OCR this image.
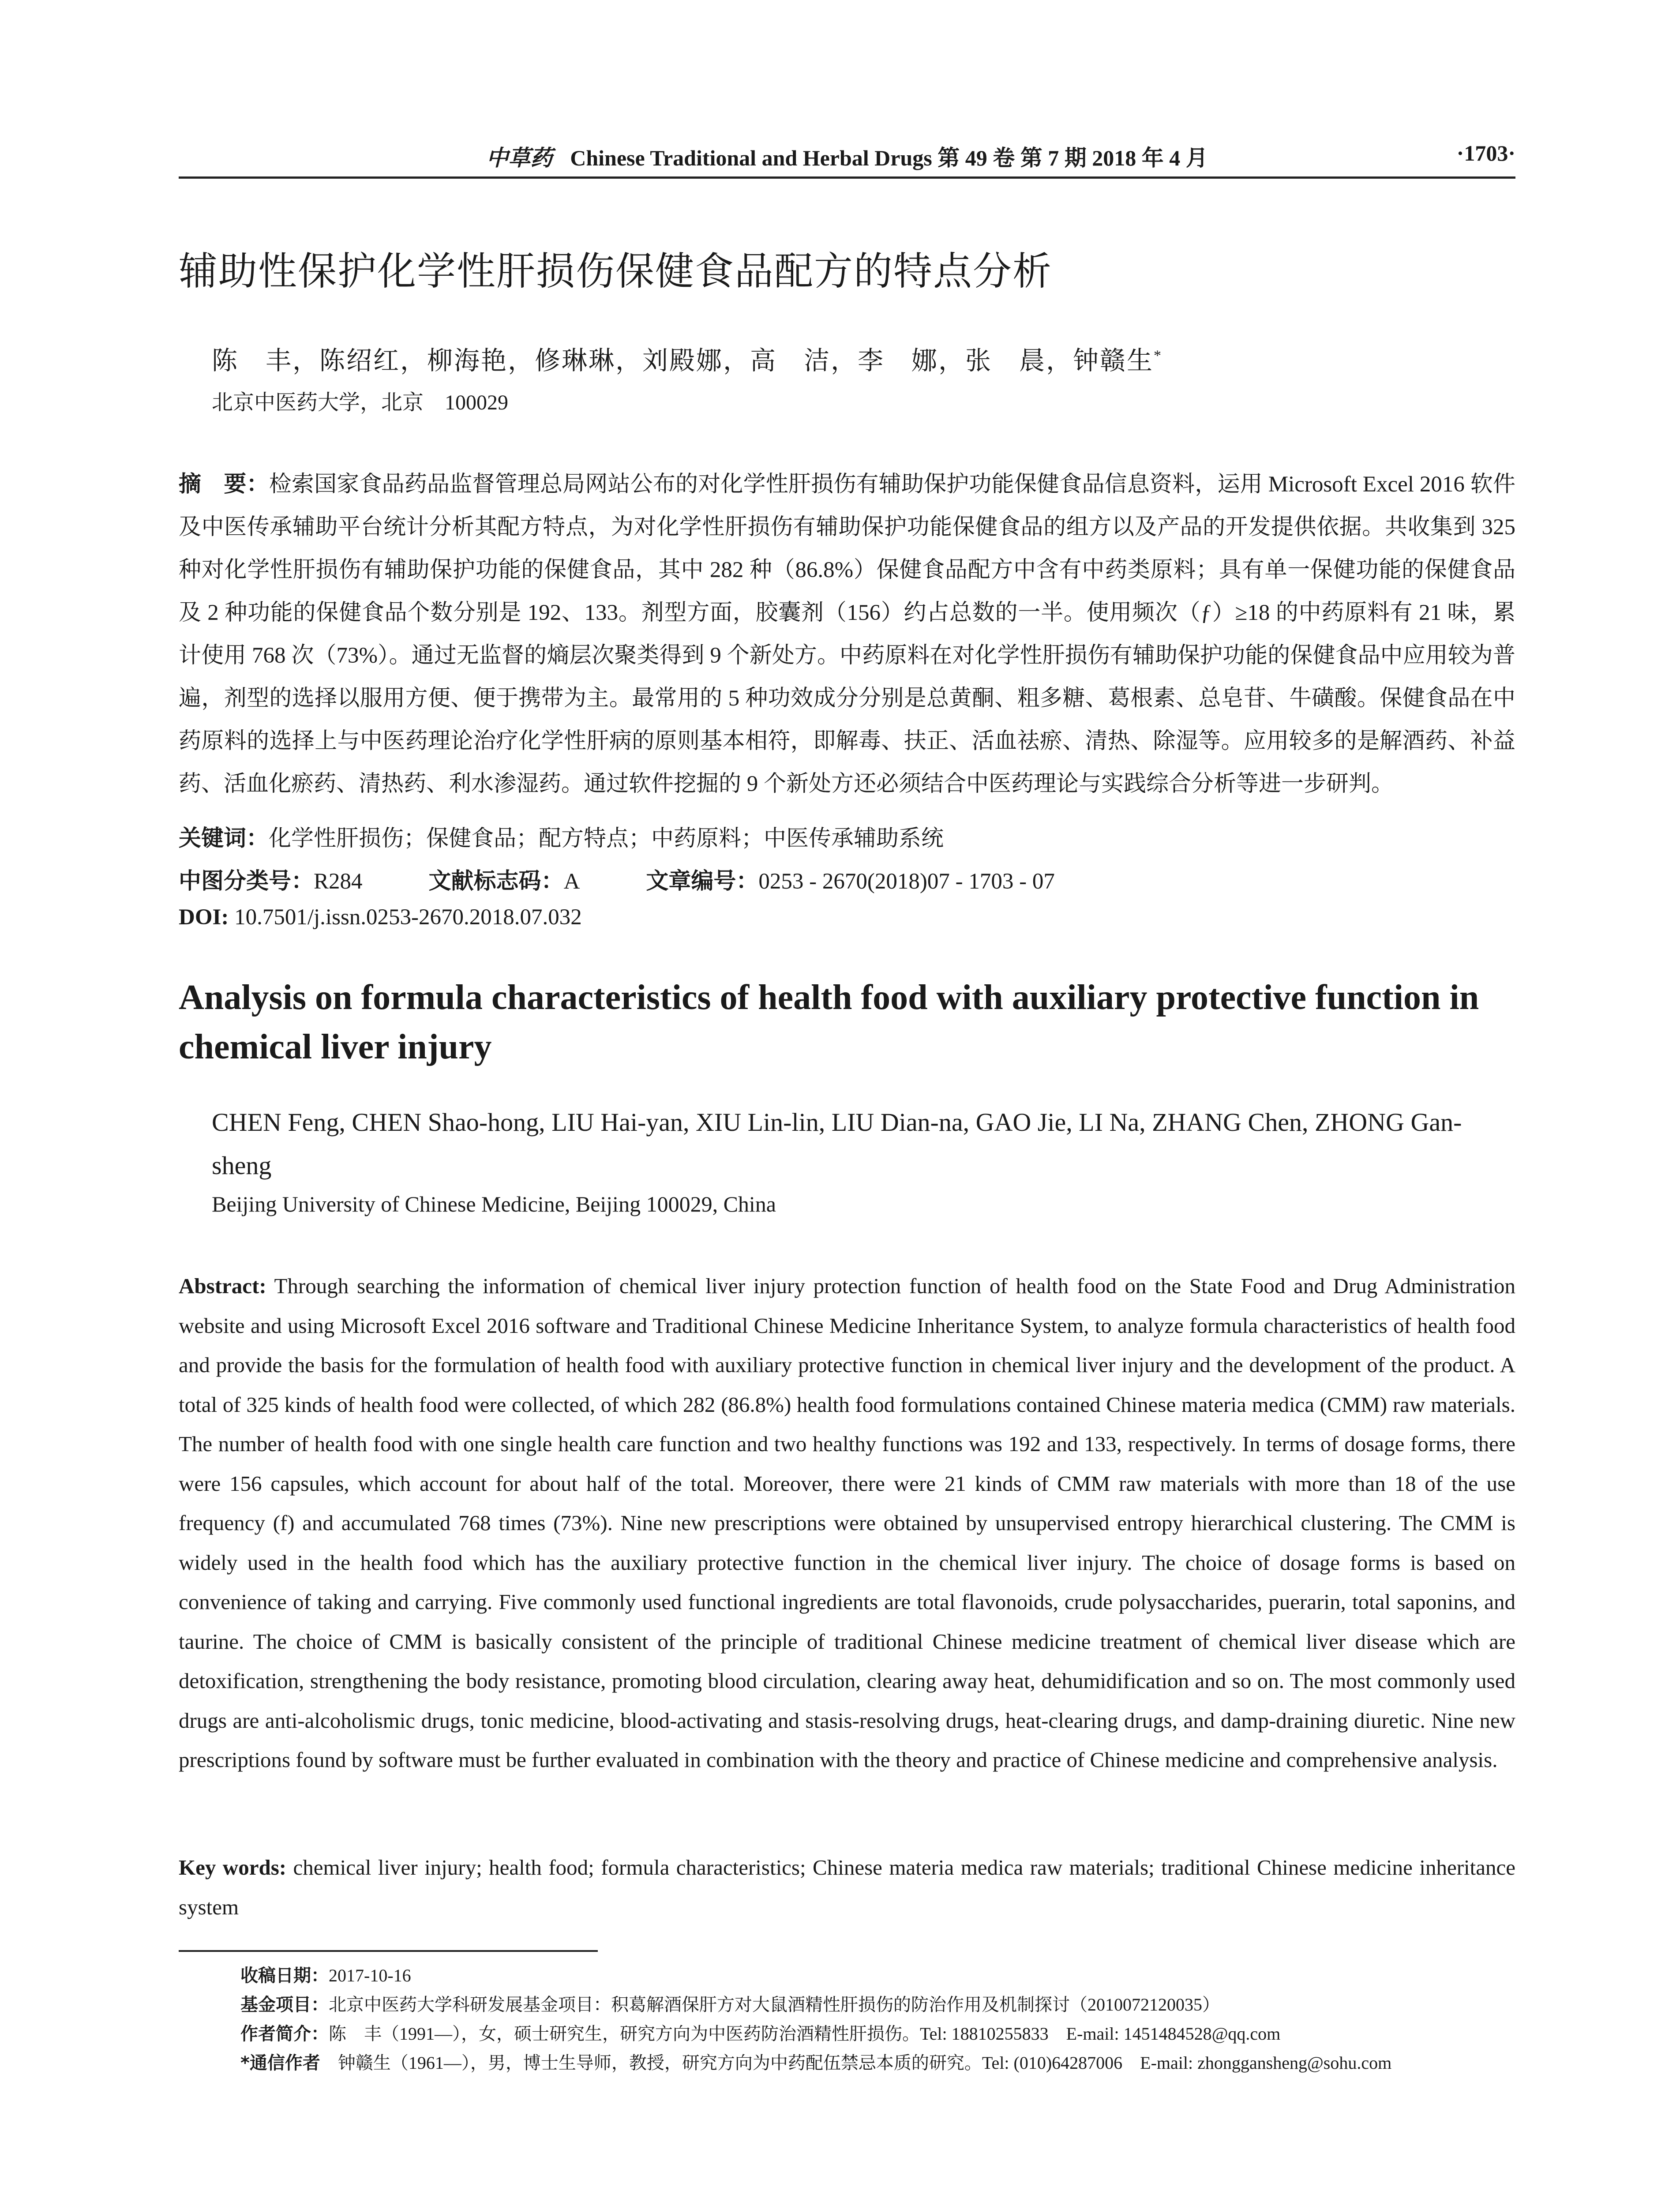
中草药 Chinese Traditional and Herbal Drugs 第 49 卷 第 7 期 2018 年 4 月	·1703·
辅助性保护化学性肝损伤保健食品配方的特点分析
陈　丰，陈绍红，柳海艳，修琳琳，刘殿娜，高　洁，李　娜，张　晨，钟赣生*
北京中医药大学，北京　100029
摘　要：检索国家食品药品监督管理总局网站公布的对化学性肝损伤有辅助保护功能保健食品信息资料，运用 Microsoft Excel 2016 软件及中医传承辅助平台统计分析其配方特点，为对化学性肝损伤有辅助保护功能保健食品的组方以及产品的开发提供依据。共收集到 325 种对化学性肝损伤有辅助保护功能的保健食品，其中 282 种（86.8%）保健食品配方中含有中药类原料；具有单一保健功能的保健食品及 2 种功能的保健食品个数分别是 192、133。剂型方面，胶囊剂（156）约占总数的一半。使用频次（ƒ）≥18 的中药原料有 21 味，累计使用 768 次（73%）。通过无监督的熵层次聚类得到 9 个新处方。中药原料在对化学性肝损伤有辅助保护功能的保健食品中应用较为普遍，剂型的选择以服用方便、便于携带为主。最常用的 5 种功效成分分别是总黄酮、粗多糖、葛根素、总皂苷、牛磺酸。保健食品在中药原料的选择上与中医药理论治疗化学性肝病的原则基本相符，即解毒、扶正、活血祛瘀、清热、除湿等。应用较多的是解酒药、补益药、活血化瘀药、清热药、利水渗湿药。通过软件挖掘的 9 个新处方还必须结合中医药理论与实践综合分析等进一步研判。
关键词：化学性肝损伤；保健食品；配方特点；中药原料；中医传承辅助系统
中图分类号：R284	文献标志码：A	文章编号：0253 - 2670(2018)07 - 1703 - 07
DOI: 10.7501/j.issn.0253-2670.2018.07.032
Analysis on formula characteristics of health food with auxiliary protective function in chemical liver injury
CHEN Feng, CHEN Shao-hong, LIU Hai-yan, XIU Lin-lin, LIU Dian-na, GAO Jie, LI Na, ZHANG Chen, ZHONG Gan-sheng
Beijing University of Chinese Medicine, Beijing 100029, China
Abstract: Through searching the information of chemical liver injury protection function of health food on the State Food and Drug Administration website and using Microsoft Excel 2016 software and Traditional Chinese Medicine Inheritance System, to analyze formula characteristics of health food and provide the basis for the formulation of health food with auxiliary protective function in chemical liver injury and the development of the product. A total of 325 kinds of health food were collected, of which 282 (86.8%) health food formulations contained Chinese materia medica (CMM) raw materials. The number of health food with one single health care function and two healthy functions was 192 and 133, respectively. In terms of dosage forms, there were 156 capsules, which account for about half of the total. Moreover, there were 21 kinds of CMM raw materials with more than 18 of the use frequency (f) and accumulated 768 times (73%). Nine new prescriptions were obtained by unsupervised entropy hierarchical clustering. The CMM is widely used in the health food which has the auxiliary protective function in the chemical liver injury. The choice of dosage forms is based on convenience of taking and carrying. Five commonly used functional ingredients are total flavonoids, crude polysaccharides, puerarin, total saponins, and taurine. The choice of CMM is basically consistent of the principle of traditional Chinese medicine treatment of chemical liver disease which are detoxification, strengthening the body resistance, promoting blood circulation, clearing away heat, dehumidification and so on. The most commonly used drugs are anti-alcoholismic drugs, tonic medicine, blood-activating and stasis-resolving drugs, heat-clearing drugs, and damp-draining diuretic. Nine new prescriptions found by software must be further evaluated in combination with the theory and practice of Chinese medicine and comprehensive analysis.
Key words: chemical liver injury; health food; formula characteristics; Chinese materia medica raw materials; traditional Chinese medicine inheritance system
收稿日期：2017-10-16
基金项目：北京中医药大学科研发展基金项目：积葛解酒保肝方对大鼠酒精性肝损伤的防治作用及机制探讨（2010072120035）
作者简介：陈　丰（1991—），女，硕士研究生，研究方向为中医药防治酒精性肝损伤。Tel: 18810255833　E-mail: 1451484528@qq.com
*通信作者　钟赣生（1961—），男，博士生导师，教授，研究方向为中药配伍禁忌本质的研究。Tel: (010)64287006　E-mail: zhonggansheng@sohu.com
